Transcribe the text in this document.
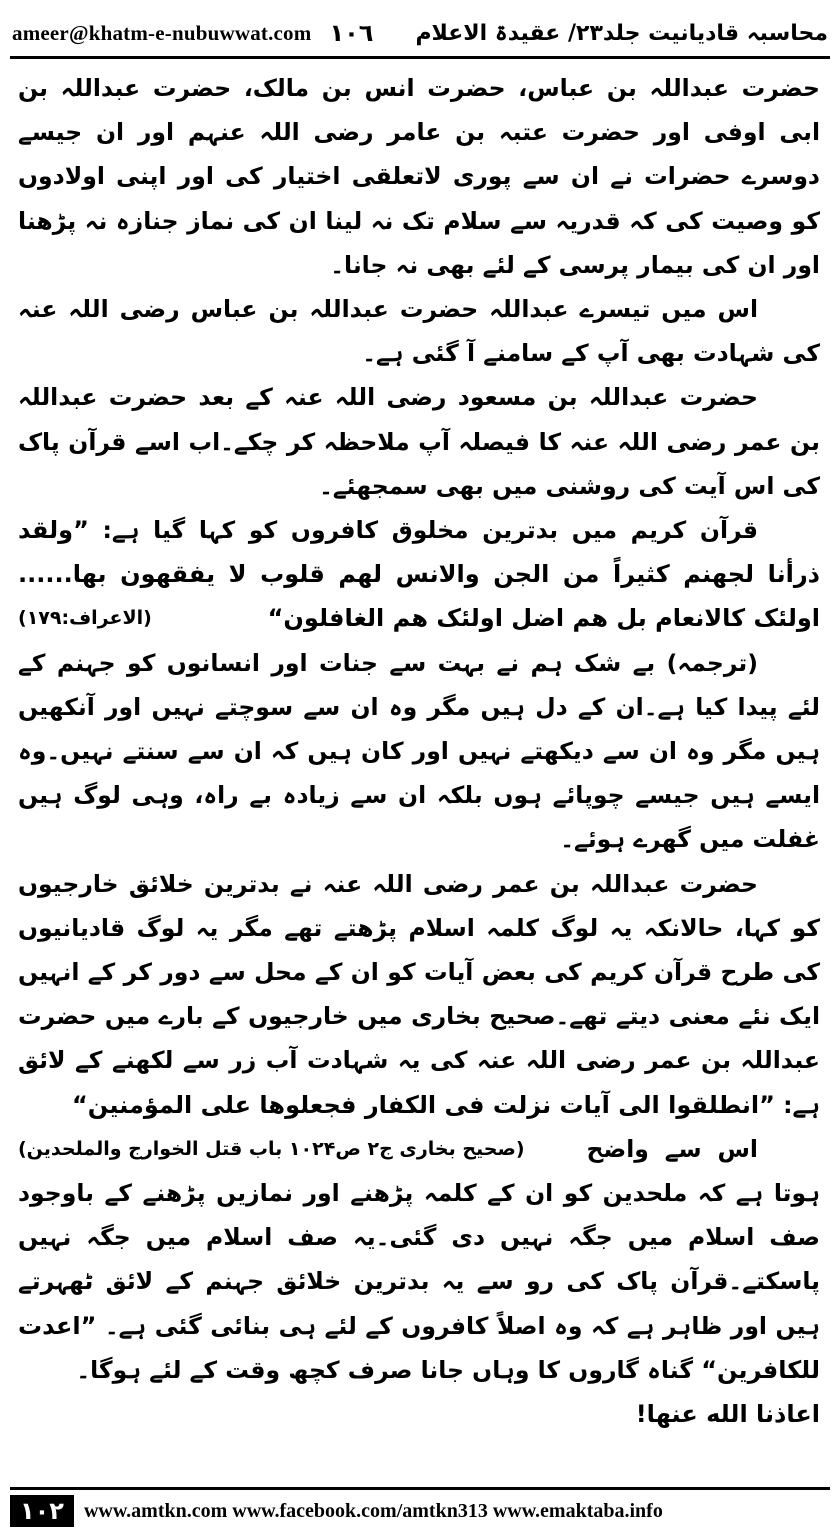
ameer@khatm-e-nubuwwat.com ١٠٦ محاسبہ قادیانیت جلد۲۳/ عقیدۃ الاعلام

حضرت عبداللہ بن عباس، حضرت انس بن مالک، حضرت عبداللہ بن ابی اوفی اور حضرت عتبہ بن عامر رضی اللہ عنہم اور ان جیسے دوسرے حضرات نے ان سے پوری لاتعلقی اختیار کی اور اپنی اولادوں کو وصیت کی کہ قدریہ سے سلام تک نہ لینا ان کی نماز جنازہ نہ پڑھنا اور ان کی بیمار پرسی کے لئے بھی نہ جانا۔

اس میں تیسرے عبداللہ حضرت عبداللہ بن عباس رضی اللہ عنہ کی شہادت بھی آپ کے سامنے آ گئی ہے۔

حضرت عبداللہ بن مسعود رضی اللہ عنہ کے بعد حضرت عبداللہ بن عمر رضی اللہ عنہ کا فیصلہ آپ ملاحظہ کر چکے۔اب اسے قرآن پاک کی اس آیت کی روشنی میں بھی سمجھئے۔

قرآن کریم میں بدترین مخلوق کافروں کو کہا گیا ہے: ”ولقد ذرأنا لجهنم كثيراً من الجن والانس لهم قلوب لا يفقهون بها...... اولئک كالانعام بل هم اضل اولئک هم الغافلون“
(الاعراف:۱۷۹)

(ترجمہ) بے شک ہم نے بہت سے جنات اور انسانوں کو جہنم کے لئے پیدا کیا ہے۔ان کے دل ہیں مگر وہ ان سے سوچتے نہیں اور آنکھیں ہیں مگر وہ ان سے دیکھتے نہیں اور کان ہیں کہ ان سے سنتے نہیں۔وہ ایسے ہیں جیسے چوپائے ہوں بلکہ ان سے زیادہ بے راہ، وہی لوگ ہیں غفلت میں گھرے ہوئے۔

حضرت عبداللہ بن عمر رضی اللہ عنہ نے بدترین خلائق خارجیوں کو کہا، حالانکہ یہ لوگ کلمہ اسلام پڑھتے تھے مگر یہ لوگ قادیانیوں کی طرح قرآن کریم کی بعض آیات کو ان کے محل سے دور کر کے انہیں ایک نئے معنی دیتے تھے۔صحیح بخاری میں خارجیوں کے بارے میں حضرت عبداللہ بن عمر رضی اللہ عنہ کی یہ شہادت آب زر سے لکھنے کے لائق ہے: ”انطلقوا الى آيات نزلت فى الكفار فجعلوها على المؤمنين“
(صحیح بخاری ج۲ ص۱۰۲۴ باب قتل الخوارج والملحدین)	اس سے واضح ہوتا ہے کہ ملحدین کو ان کے کلمہ پڑھنے اور نمازیں پڑھنے کے باوجود صف اسلام میں جگہ نہیں دی گئی۔یہ صف اسلام میں جگہ نہیں پاسکتے۔قرآن پاک کی رو سے یہ بدترین خلائق جہنم کے لائق ٹھہرتے ہیں اور ظاہر ہے کہ وہ اصلاً کافروں کے لئے ہی بنائی گئی ہے۔ ”اعدت للكافرين“ گناہ گاروں کا وہاں جانا صرف کچھ وقت کے لئے ہوگا۔

اعاذنا الله عنها!

١٠٢	www.amtkn.com www.facebook.com/amtkn313 www.emaktaba.info
